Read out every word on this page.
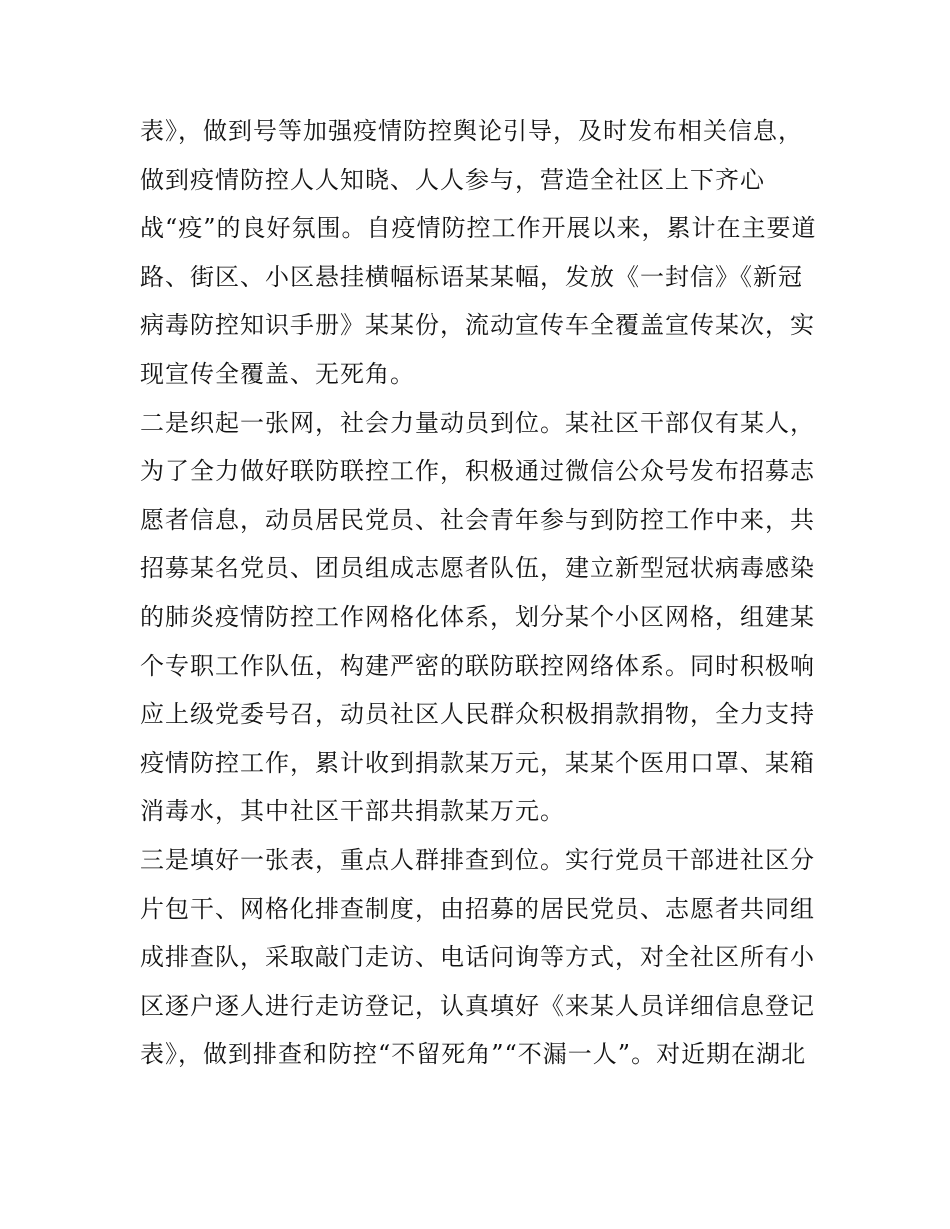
表》，做到号等加强疫情防控舆论引导，及时发布相关信息，
做到疫情防控人人知晓、人人参与，营造全社区上下齐心
战“疫”的良好氛围。自疫情防控工作开展以来，累计在主要道
路、街区、小区悬挂横幅标语某某幅，发放《一封信》《新冠
病毒防控知识手册》某某份，流动宣传车全覆盖宣传某次，实
现宣传全覆盖、无死角。
二是织起一张网，社会力量动员到位。某社区干部仅有某人，
为了全力做好联防联控工作，积极通过微信公众号发布招募志
愿者信息，动员居民党员、社会青年参与到防控工作中来，共
招募某名党员、团员组成志愿者队伍，建立新型冠状病毒感染
的肺炎疫情防控工作网格化体系，划分某个小区网格，组建某
个专职工作队伍，构建严密的联防联控网络体系。同时积极响
应上级党委号召，动员社区人民群众积极捐款捐物，全力支持
疫情防控工作，累计收到捐款某万元，某某个医用口罩、某箱
消毒水，其中社区干部共捐款某万元。
三是填好一张表，重点人群排查到位。实行党员干部进社区分
片包干、网格化排查制度，由招募的居民党员、志愿者共同组
成排查队，采取敲门走访、电话问询等方式，对全社区所有小
区逐户逐人进行走访登记，认真填好《来某人员详细信息登记
表》，做到排查和防控“不留死角”“不漏一人”。对近期在湖北
